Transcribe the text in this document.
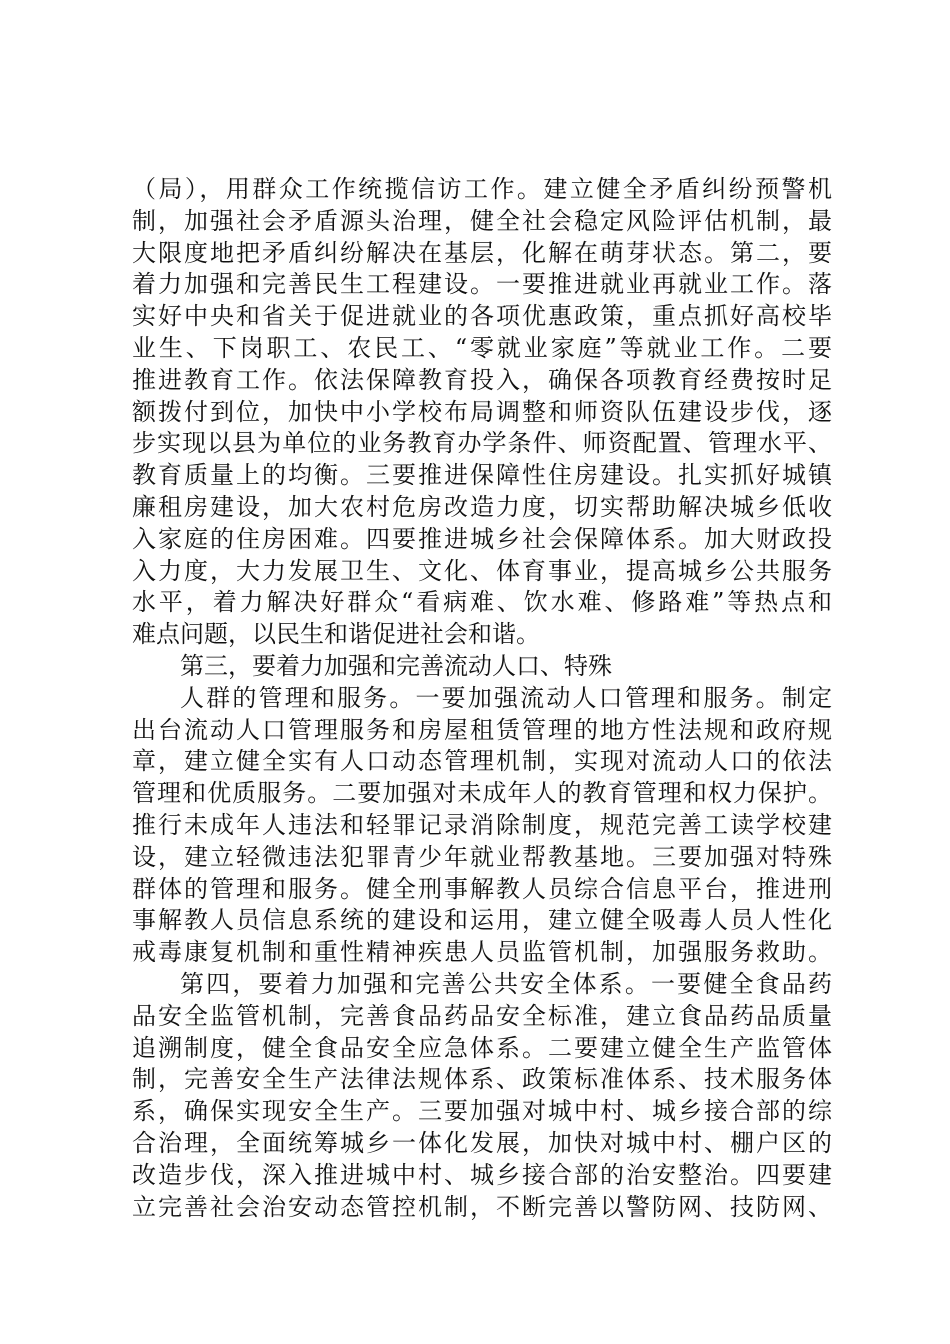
（局），用群众工作统揽信访工作。建立健全矛盾纠纷预警机
制，加强社会矛盾源头治理，健全社会稳定风险评估机制，最
大限度地把矛盾纠纷解决在基层，化解在萌芽状态。第二，要
着力加强和完善民生工程建设。一要推进就业再就业工作。落
实好中央和省关于促进就业的各项优惠政策，重点抓好高校毕
业生、下岗职工、农民工、“零就业家庭”等就业工作。二要
推进教育工作。依法保障教育投入，确保各项教育经费按时足
额拨付到位，加快中小学校布局调整和师资队伍建设步伐，逐
步实现以县为单位的业务教育办学条件、师资配置、管理水平、
教育质量上的均衡。三要推进保障性住房建设。扎实抓好城镇
廉租房建设，加大农村危房改造力度，切实帮助解决城乡低收
入家庭的住房困难。四要推进城乡社会保障体系。加大财政投
入力度，大力发展卫生、文化、体育事业，提高城乡公共服务
水平，着力解决好群众“看病难、饮水难、修路难”等热点和
难点问题，以民生和谐促进社会和谐。
第三，要着力加强和完善流动人口、特殊
人群的管理和服务。一要加强流动人口管理和服务。制定
出台流动人口管理服务和房屋租赁管理的地方性法规和政府规
章，建立健全实有人口动态管理机制，实现对流动人口的依法
管理和优质服务。二要加强对未成年人的教育管理和权力保护。
推行未成年人违法和轻罪记录消除制度，规范完善工读学校建
设，建立轻微违法犯罪青少年就业帮教基地。三要加强对特殊
群体的管理和服务。健全刑事解教人员综合信息平台，推进刑
事解教人员信息系统的建设和运用，建立健全吸毒人员人性化
戒毒康复机制和重性精神疾患人员监管机制，加强服务救助。
第四，要着力加强和完善公共安全体系。一要健全食品药
品安全监管机制，完善食品药品安全标准，建立食品药品质量
追溯制度，健全食品安全应急体系。二要建立健全生产监管体
制，完善安全生产法律法规体系、政策标准体系、技术服务体
系，确保实现安全生产。三要加强对城中村、城乡接合部的综
合治理，全面统筹城乡一体化发展，加快对城中村、棚户区的
改造步伐，深入推进城中村、城乡接合部的治安整治。四要建
立完善社会治安动态管控机制，不断完善以警防网、技防网、
